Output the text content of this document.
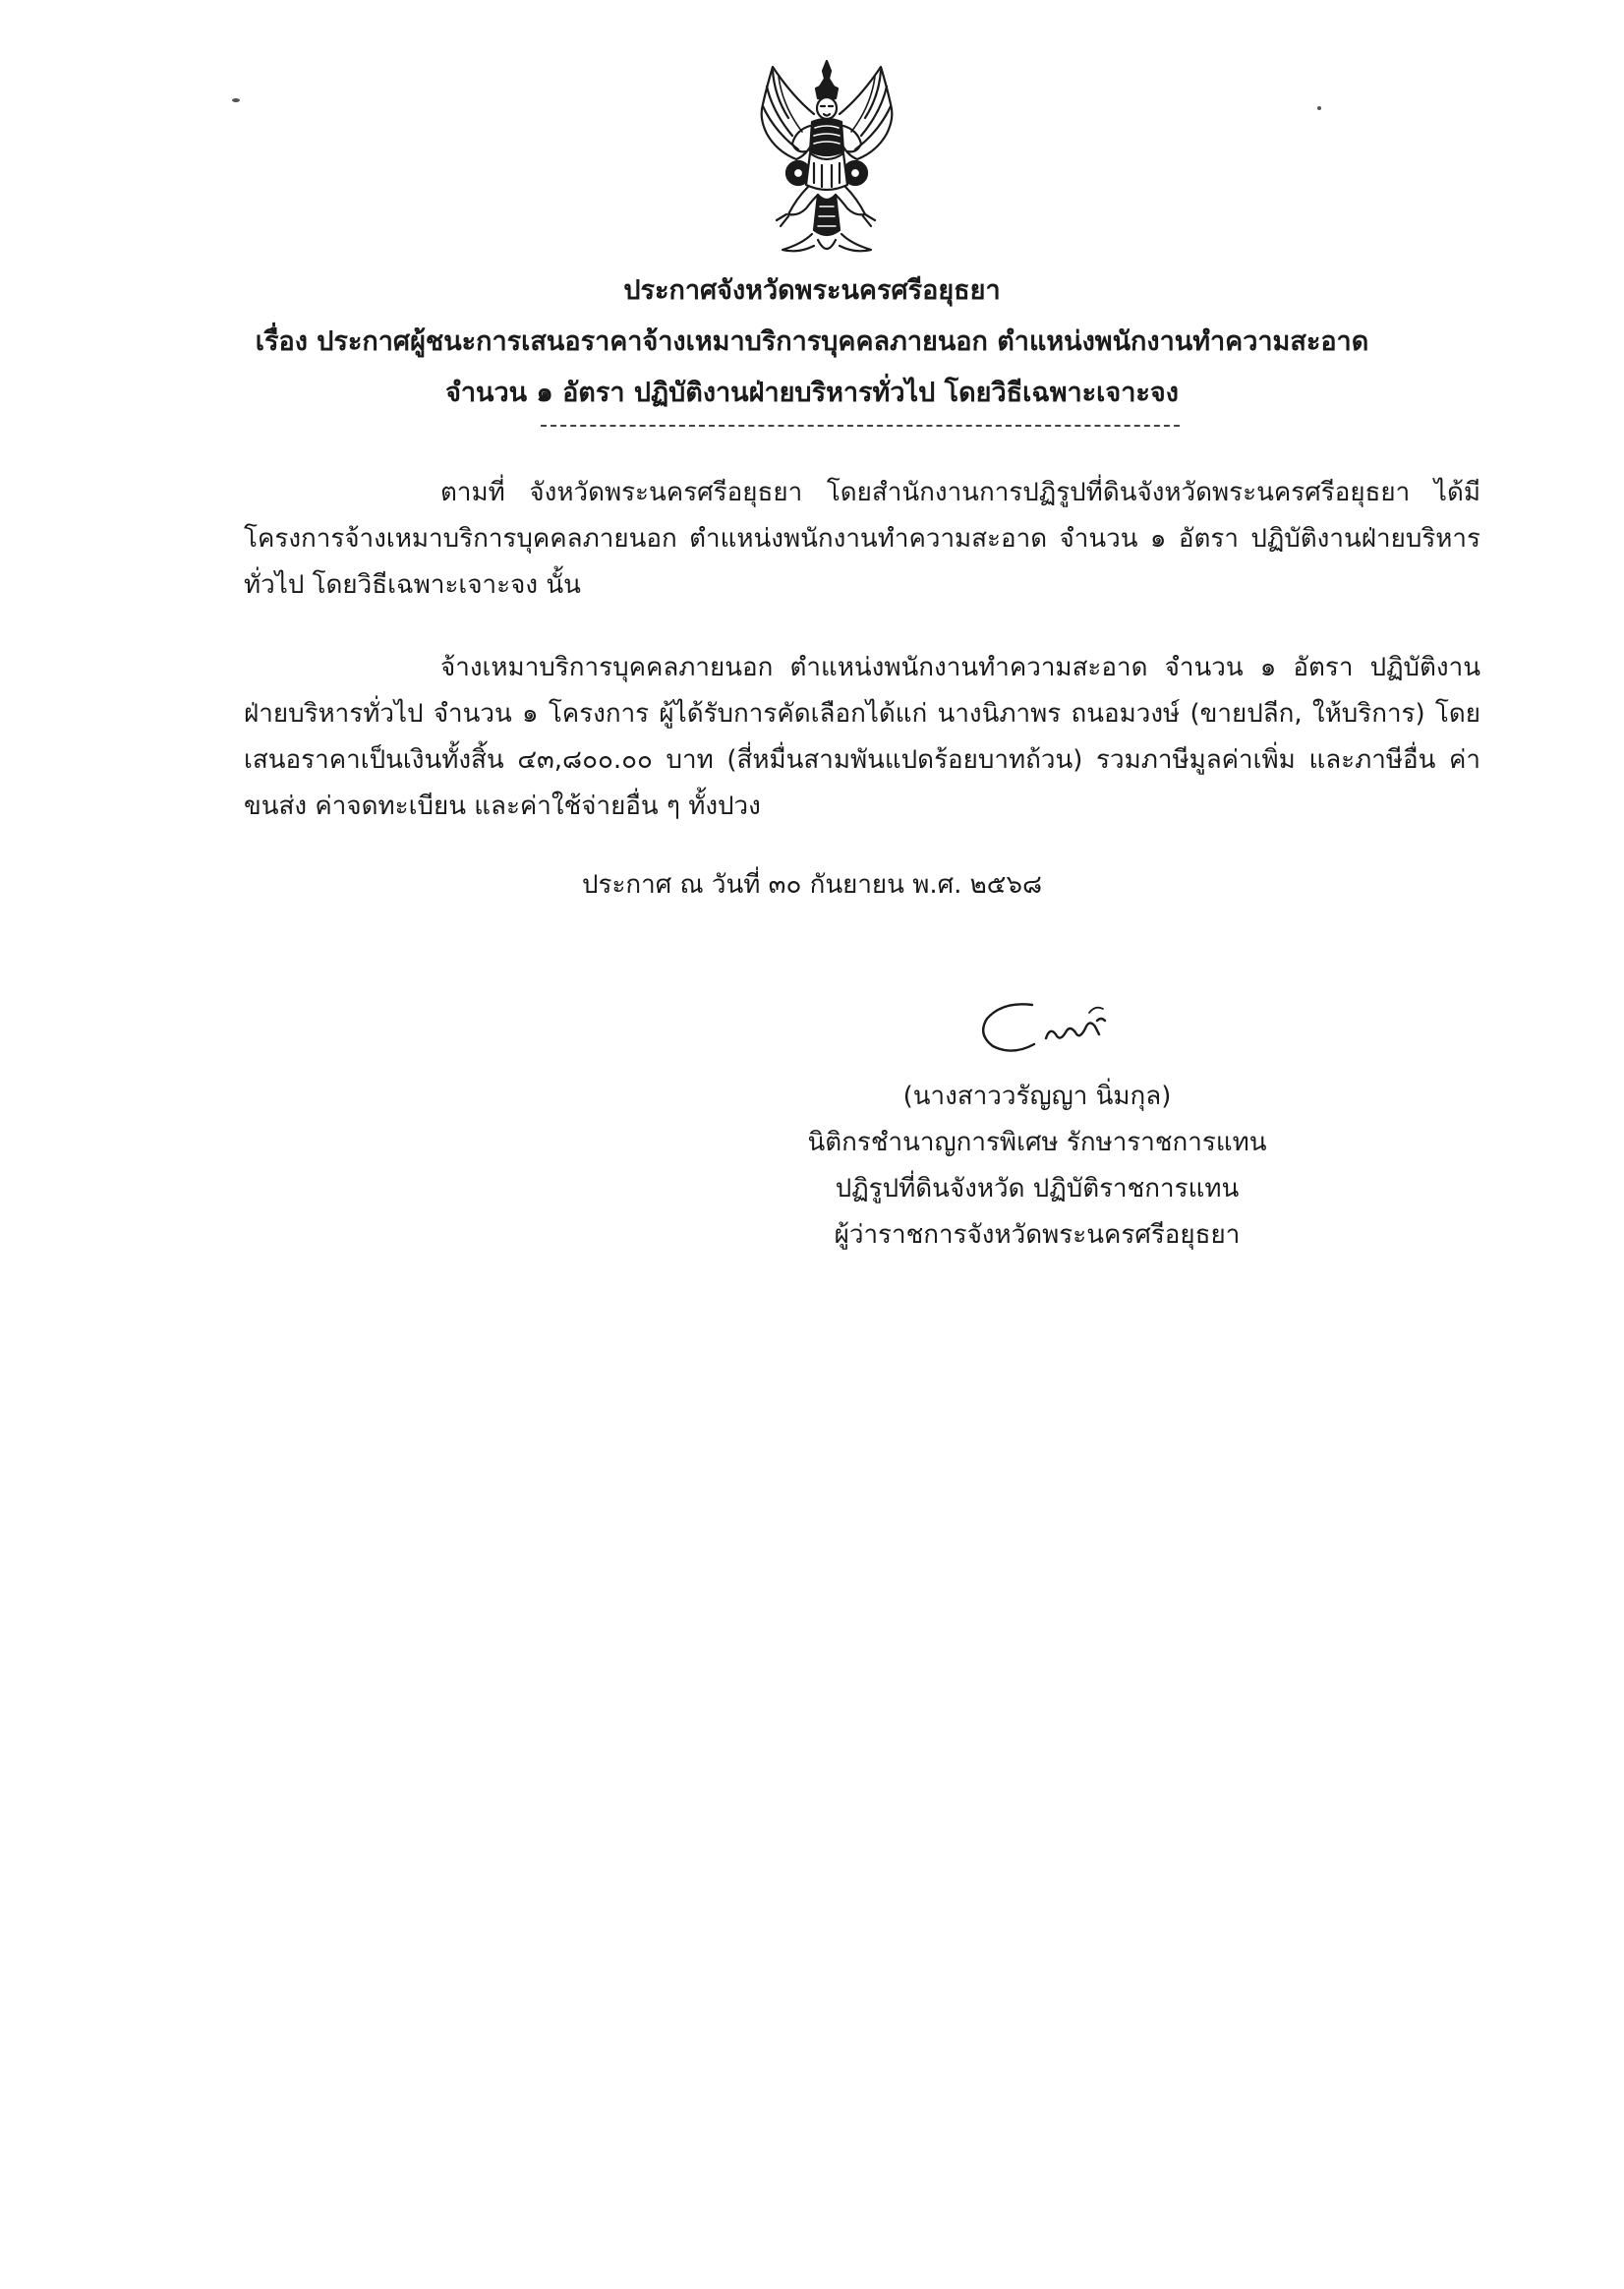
ประกาศจังหวัดพระนครศรีอยุธยา
เรื่อง ประกาศผู้ชนะการเสนอราคาจ้างเหมาบริการบุคคลภายนอก ตำแหน่งพนักงานทำความสะอาด
จำนวน ๑ อัตรา ปฏิบัติงานฝ่ายบริหารทั่วไป โดยวิธีเฉพาะเจาะจง

ตามที่ จังหวัดพระนครศรีอยุธยา โดยสำนักงานการปฏิรูปที่ดินจังหวัดพระนครศรีอยุธยา ได้มีโครงการจ้างเหมาบริการบุคคลภายนอก ตำแหน่งพนักงานทำความสะอาด จำนวน ๑ อัตรา ปฏิบัติงานฝ่ายบริหารทั่วไป โดยวิธีเฉพาะเจาะจง นั้น

จ้างเหมาบริการบุคคลภายนอก ตำแหน่งพนักงานทำความสะอาด จำนวน ๑ อัตรา ปฏิบัติงานฝ่ายบริหารทั่วไป จำนวน ๑ โครงการ ผู้ได้รับการคัดเลือกได้แก่ นางนิภาพร ถนอมวงษ์ (ขายปลีก, ให้บริการ) โดยเสนอราคาเป็นเงินทั้งสิ้น ๔๓,๘๐๐.๐๐ บาท (สี่หมื่นสามพันแปดร้อยบาทถ้วน) รวมภาษีมูลค่าเพิ่ม และภาษีอื่น ค่าขนส่ง ค่าจดทะเบียน และค่าใช้จ่ายอื่น ๆ ทั้งปวง

ประกาศ ณ วันที่ ๓๐ กันยายน พ.ศ. ๒๕๖๘
(นางสาววรัญญา นิ่มกุล)
นิติกรชำนาญการพิเศษ รักษาราชการแทน
ปฏิรูปที่ดินจังหวัด ปฏิบัติราชการแทน
ผู้ว่าราชการจังหวัดพระนครศรีอยุธยา
